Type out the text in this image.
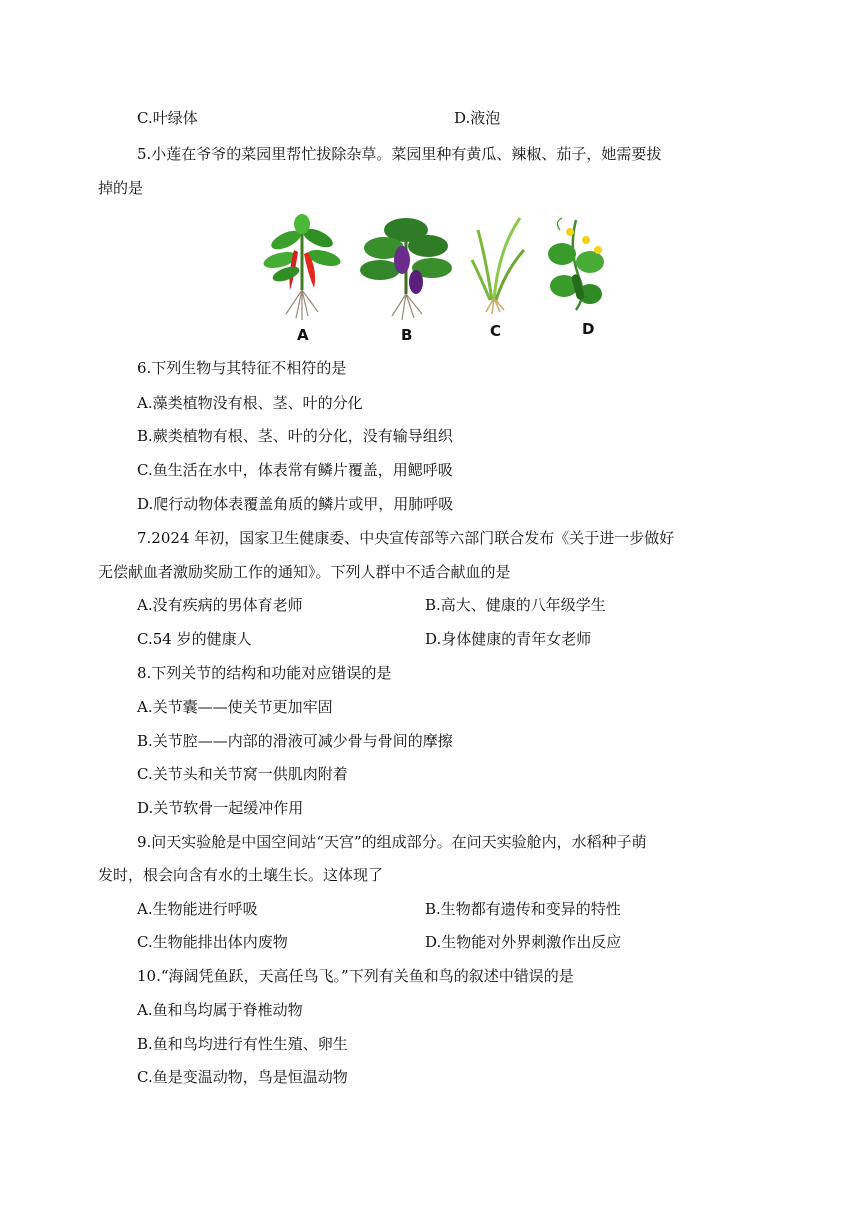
C.叶绿体	D.液泡
5.小莲在爷爷的菜园里帮忙拔除杂草。菜园里种有黄瓜、辣椒、茄子，她需要拔
掉的是
A	B	C	D
6.下列生物与其特征不相符的是
A.藻类植物没有根、茎、叶的分化
B.蕨类植物有根、茎、叶的分化，没有输导组织
C.鱼生活在水中，体表常有鳞片覆盖，用鳃呼吸
D.爬行动物体表覆盖角质的鳞片或甲，用肺呼吸
7.2024 年初，国家卫生健康委、中央宣传部等六部门联合发布《关于进一步做好
无偿献血者激励奖励工作的通知》。下列人群中不适合献血的是
A.没有疾病的男体育老师	B.高大、健康的八年级学生
C.54 岁的健康人	D.身体健康的青年女老师
8.下列关节的结构和功能对应错误的是
A.关节囊——使关节更加牢固
B.关节腔——内部的滑液可减少骨与骨间的摩擦
C.关节头和关节窝一供肌肉附着
D.关节软骨一起缓冲作用
9.问天实验舱是中国空间站“天宫”的组成部分。在问天实验舱内，水稻种子萌
发时，根会向含有水的土壤生长。这体现了
A.生物能进行呼吸	B.生物都有遗传和变异的特性
C.生物能排出体内废物	D.生物能对外界刺激作出反应
10.“海阔凭鱼跃，天高任鸟飞。”下列有关鱼和鸟的叙述中错误的是
A.鱼和鸟均属于脊椎动物
B.鱼和鸟均进行有性生殖、卵生
C.鱼是变温动物，鸟是恒温动物
